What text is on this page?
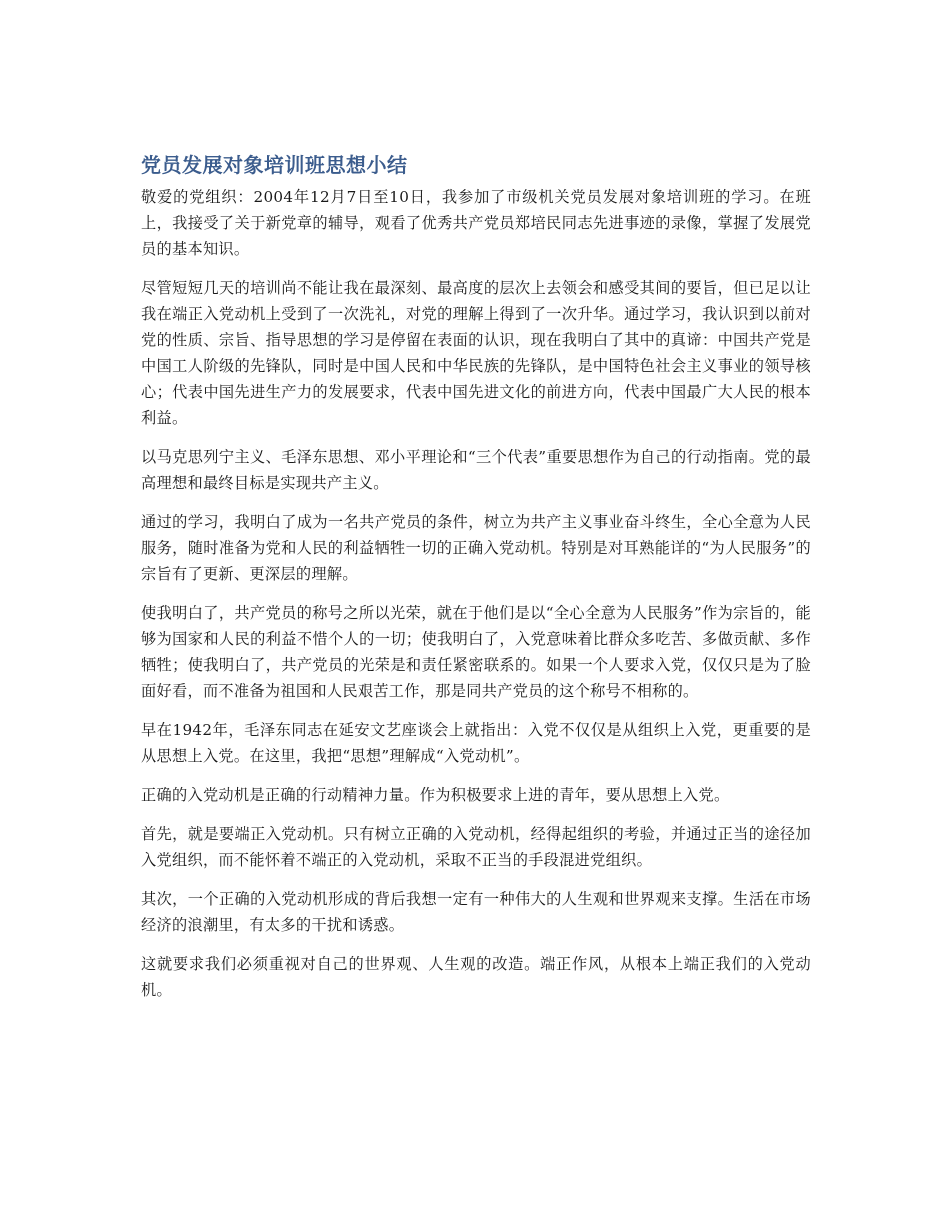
党员发展对象培训班思想小结

敬爱的党组织：2004年12月7日至10日，我参加了市级机关党员发展对象培训班的学习。在班上，我接受了关于新党章的辅导，观看了优秀共产党员郑培民同志先进事迹的录像，掌握了发展党员的基本知识。

尽管短短几天的培训尚不能让我在最深刻、最高度的层次上去领会和感受其间的要旨，但已足以让我在端正入党动机上受到了一次洗礼，对党的理解上得到了一次升华。通过学习，我认识到以前对党的性质、宗旨、指导思想的学习是停留在表面的认识，现在我明白了其中的真谛：中国共产党是中国工人阶级的先锋队，同时是中国人民和中华民族的先锋队，是中国特色社会主义事业的领导核心；代表中国先进生产力的发展要求，代表中国先进文化的前进方向，代表中国最广大人民的根本利益。

以马克思列宁主义、毛泽东思想、邓小平理论和“三个代表”重要思想作为自己的行动指南。党的最高理想和最终目标是实现共产主义。

通过的学习，我明白了成为一名共产党员的条件，树立为共产主义事业奋斗终生，全心全意为人民服务，随时准备为党和人民的利益牺牲一切的正确入党动机。特别是对耳熟能详的“为人民服务”的宗旨有了更新、更深层的理解。

使我明白了，共产党员的称号之所以光荣，就在于他们是以“全心全意为人民服务”作为宗旨的，能够为国家和人民的利益不惜个人的一切；使我明白了，入党意味着比群众多吃苦、多做贡献、多作牺牲；使我明白了，共产党员的光荣是和责任紧密联系的。如果一个人要求入党，仅仅只是为了脸面好看，而不准备为祖国和人民艰苦工作，那是同共产党员的这个称号不相称的。

早在1942年，毛泽东同志在延安文艺座谈会上就指出：入党不仅仅是从组织上入党，更重要的是从思想上入党。在这里，我把“思想”理解成“入党动机”。

正确的入党动机是正确的行动精神力量。作为积极要求上进的青年，要从思想上入党。

首先，就是要端正入党动机。只有树立正确的入党动机，经得起组织的考验，并通过正当的途径加入党组织，而不能怀着不端正的入党动机，采取不正当的手段混进党组织。

其次，一个正确的入党动机形成的背后我想一定有一种伟大的人生观和世界观来支撑。生活在市场经济的浪潮里，有太多的干扰和诱惑。

这就要求我们必须重视对自己的世界观、人生观的改造。端正作风，从根本上端正我们的入党动机。
